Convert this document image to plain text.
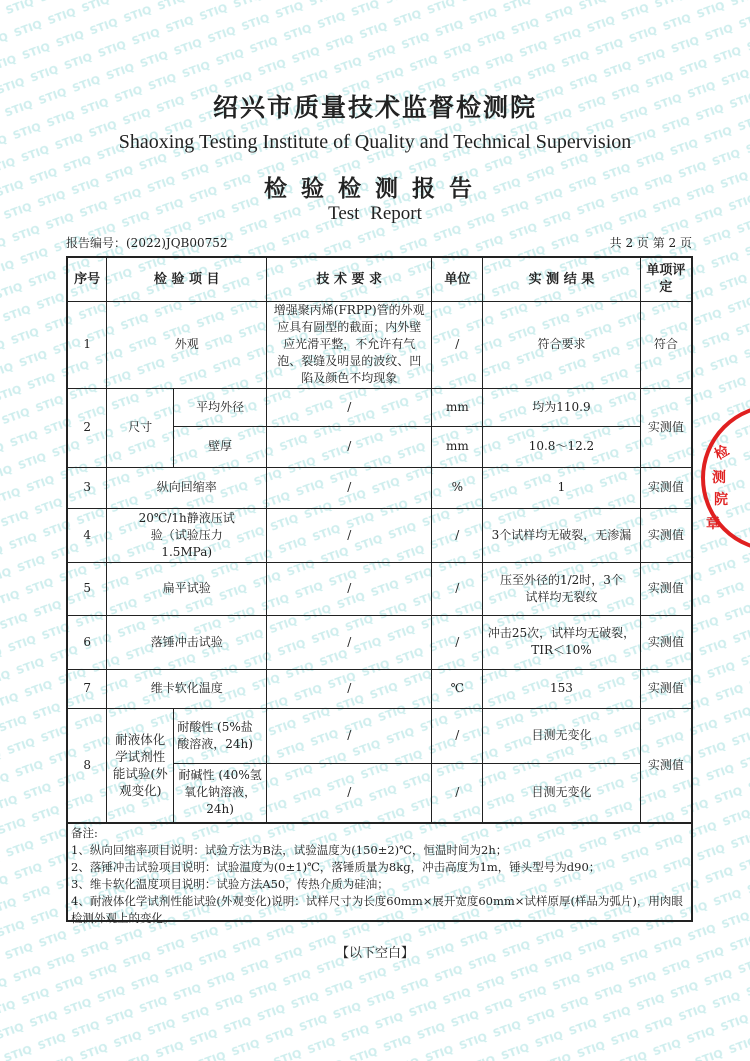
绍兴市质量技术监督检测院
Shaoxing Testing Institute of Quality and Technical Supervision
检验检测报告
Test Report
报告编号：(2022)JQB00752	共 2 页 第 2 页
序号	检 验 项 目		技 术 要 求	单位	实 测 结 果	单项评定
1	外观		增强聚丙烯(FRPP)管的外观应具有圆型的截面；内外壁应光滑平整，不允许有气泡、裂缝及明显的波纹、凹陷及颜色不均现象	/	符合要求	符合
2	尺寸	平均外径	/	mm	均为110.9	实测值
		壁厚	/	mm	10.8～12.2	
3	纵向回缩率		/	%	1	实测值
4	20℃/1h静液压试验（试验压力1.5MPa)		/	/	3个试样均无破裂，无渗漏	实测值
5	扁平试验		/	/	压至外径的1/2时，3个试样均无裂纹	实测值
6	落锤冲击试验		/	/	冲击25次，试样均无破裂，TIR＜10%	实测值
7	维卡软化温度		/	℃	153	实测值
8	耐液体化学试剂性能试验(外观变化)	耐酸性 (5%盐酸溶液，24h)	/	/	目测无变化	实测值
		耐碱性 (40%氢氧化钠溶液，24h)	/	/	目测无变化	
备注:
1、纵向回缩率项目说明：试验方法为B法，试验温度为(150±2)℃，恒温时间为2h；
2、落锤冲击试验项目说明：试验温度为(0±1)℃，落锤质量为8kg，冲击高度为1m，锤头型号为d90；
3、维卡软化温度项目说明：试验方法A50，传热介质为硅油；
4、耐液体化学试剂性能试验(外观变化)说明：试样尺寸为长度60mm×展开宽度60mm×试样原厚(样品为弧片)，用肉眼检测外观上的变化。
【以下空白】
检
测
院
章
